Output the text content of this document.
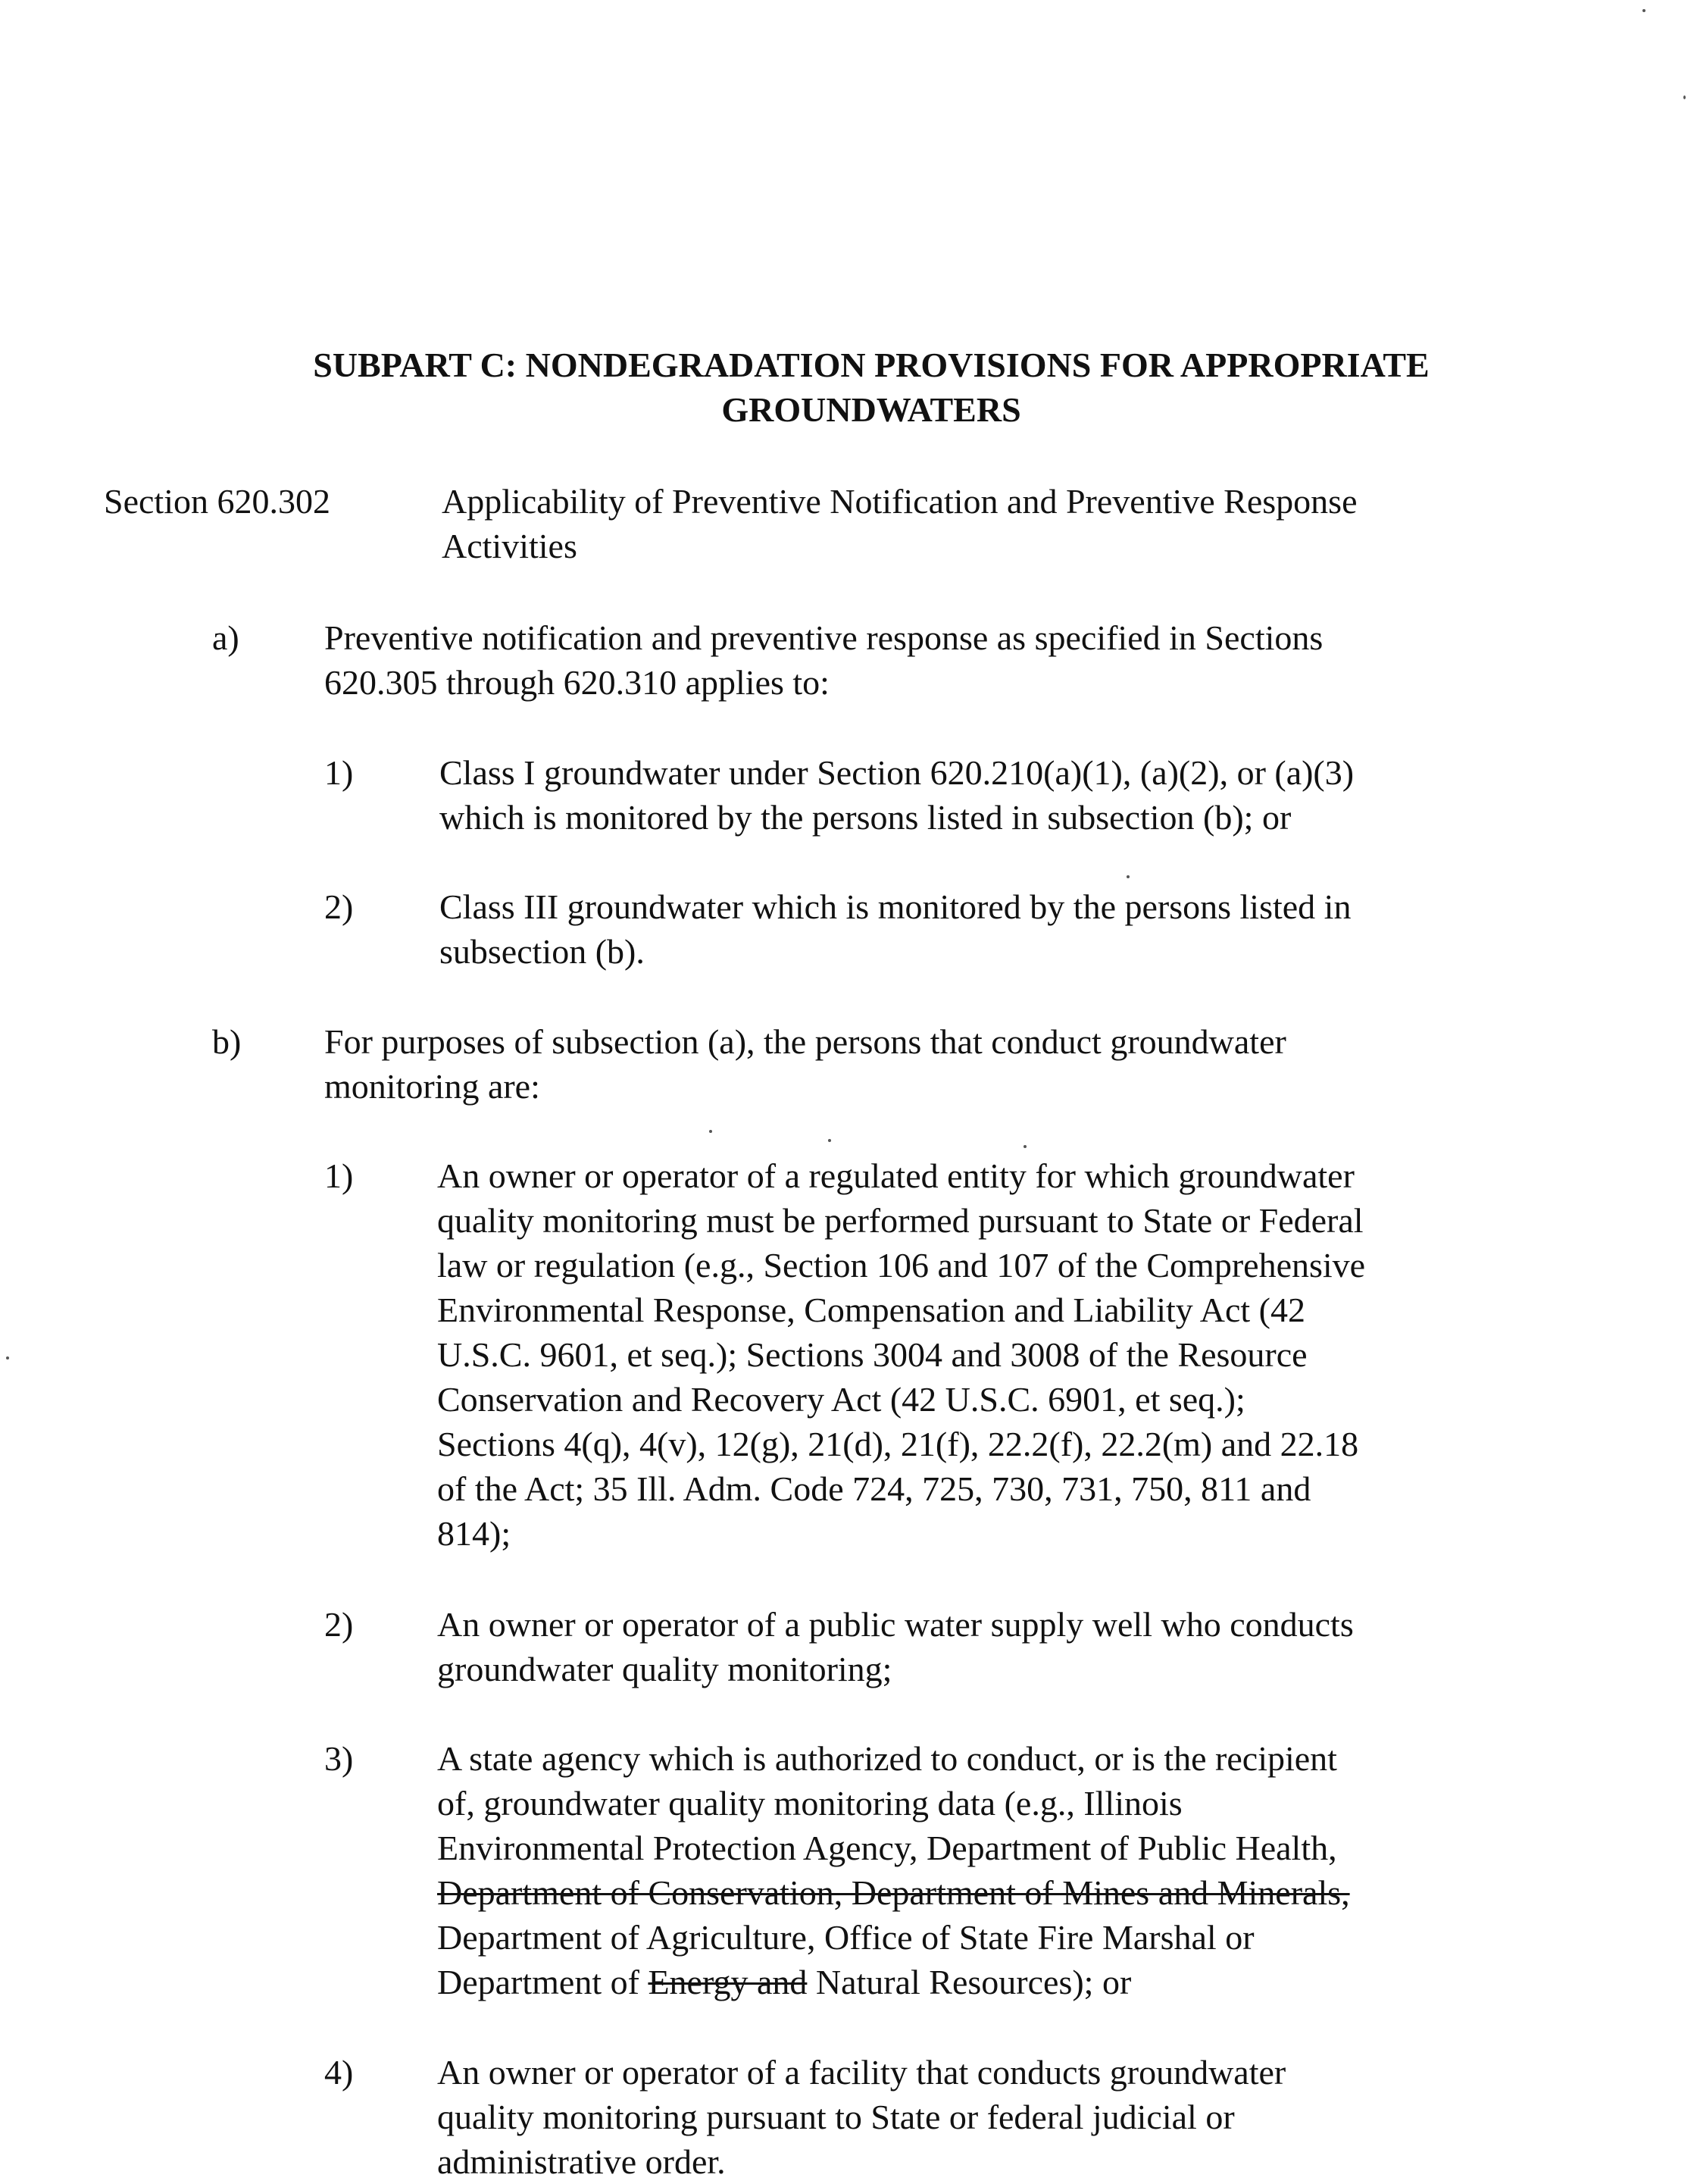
SUBPART C: NONDEGRADATION PROVISIONS FOR APPROPRIATE
GROUNDWATERS
Section 620.302	Applicability of Preventive Notification and Preventive Response
Activities
a) Preventive notification and preventive response as specified in Sections
620.305 through 620.310 applies to:
1) Class I groundwater under Section 620.210(a)(1), (a)(2), or (a)(3)
which is monitored by the persons listed in subsection (b); or
2) Class III groundwater which is monitored by the persons listed in
subsection (b).
b) For purposes of subsection (a), the persons that conduct groundwater
monitoring are:
1) An owner or operator of a regulated entity for which groundwater
quality monitoring must be performed pursuant to State or Federal
law or regulation (e.g., Section 106 and 107 of the Comprehensive
Environmental Response, Compensation and Liability Act (42
U.S.C. 9601, et seq.); Sections 3004 and 3008 of the Resource
Conservation and Recovery Act (42 U.S.C. 6901, et seq.);
Sections 4(q), 4(v), 12(g), 21(d), 21(f), 22.2(f), 22.2(m) and 22.18
of the Act; 35 Ill. Adm. Code 724, 725, 730, 731, 750, 811 and
814);
2) An owner or operator of a public water supply well who conducts
groundwater quality monitoring;
3) A state agency which is authorized to conduct, or is the recipient
of, groundwater quality monitoring data (e.g., Illinois
Environmental Protection Agency, Department of Public Health,
Department of Conservation, Department of Mines and Minerals,
Department of Agriculture, Office of State Fire Marshal or
Department of Energy and Natural Resources); or
4) An owner or operator of a facility that conducts groundwater
quality monitoring pursuant to State or federal judicial or
administrative order.
